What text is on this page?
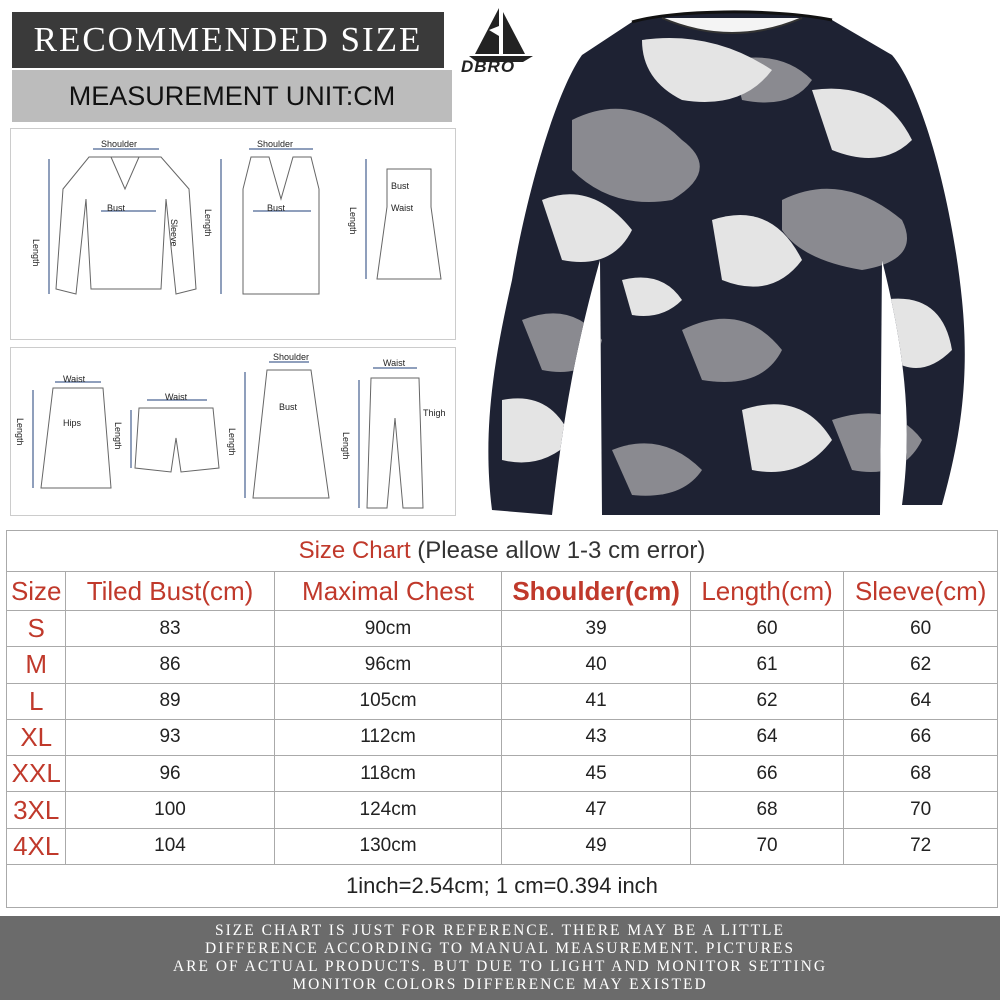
RECOMMENDED SIZE
MEASUREMENT UNIT:CM
DBRO
Shoulder
Bust
Sleeve
Length
Shoulder
Bust
Length
Bust
Waist
Length
Waist
Hips
Length
Waist
Length
Shoulder
Bust
Length
Waist
Thigh
Length
Size Chart (Please allow 1-3 cm error)					
Size	Tiled Bust(cm)	Maximal Chest	Shoulder(cm)	Length(cm)	Sleeve(cm)
S	83	90cm	39	60	60
M	86	96cm	40	61	62
L	89	105cm	41	62	64
XL	93	112cm	43	64	66
XXL	96	118cm	45	66	68
3XL	100	124cm	47	68	70
4XL	104	130cm	49	70	72
1inch=2.54cm; 1 cm=0.394 inch					
SIZE CHART IS JUST FOR REFERENCE. THERE MAY BE A LITTLE
DIFFERENCE ACCORDING TO MANUAL MEASUREMENT. PICTURES
ARE OF ACTUAL PRODUCTS. BUT DUE TO LIGHT AND MONITOR SETTING
MONITOR COLORS DIFFERENCE MAY EXISTED
